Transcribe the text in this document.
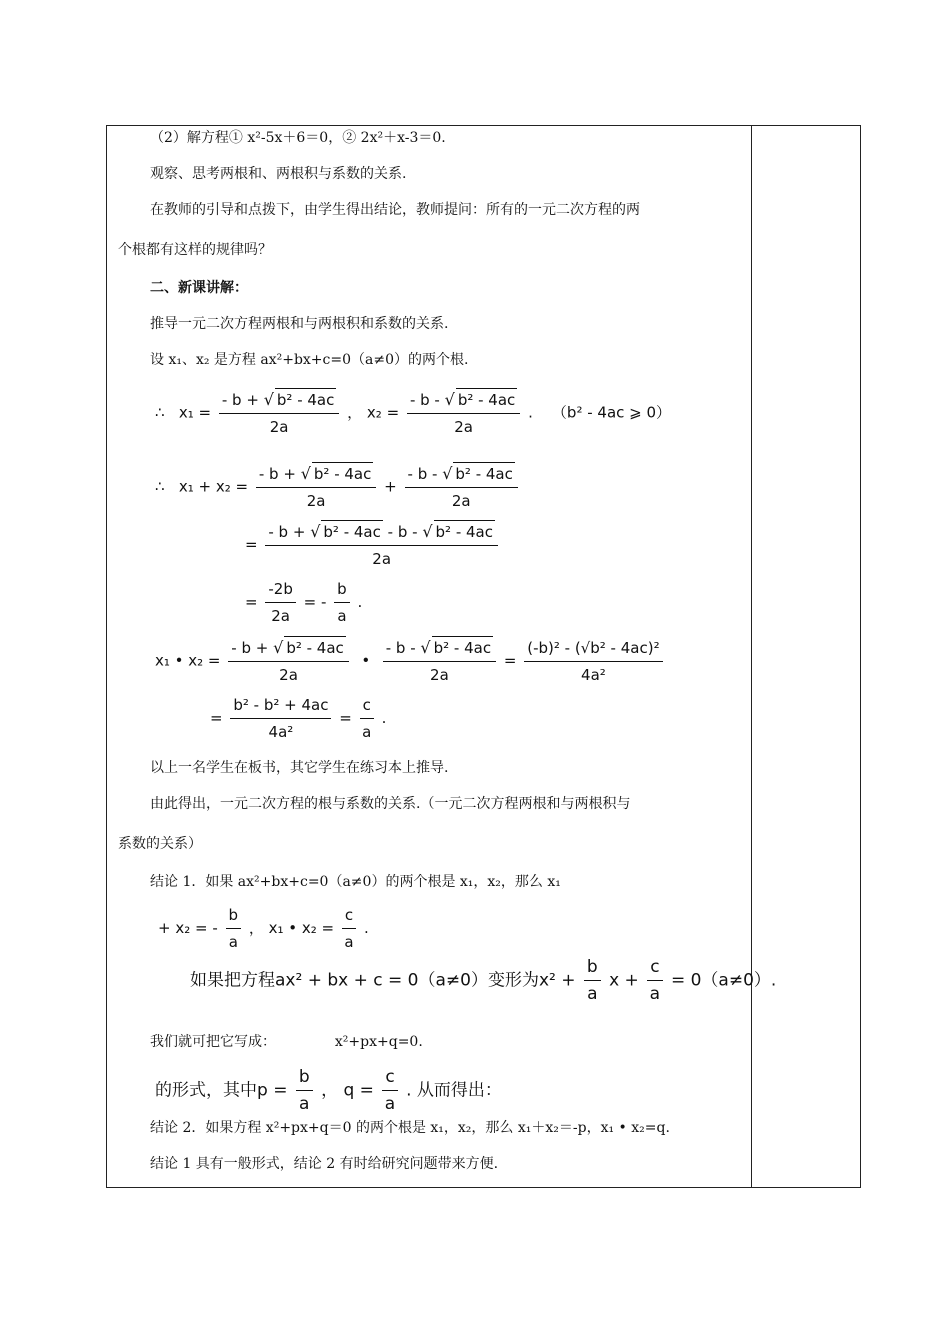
（2）解方程① x²-5x＋6＝0，② 2x²＋x-3＝0.
观察、思考两根和、两根积与系数的关系.
在教师的引导和点拨下，由学生得出结论，教师提问：所有的一元二次方程的两
个根都有这样的规律吗？
二、新课讲解：
推导一元二次方程两根和与两根积和系数的关系.
设 x₁、x₂ 是方程 ax²+bx+c=0（a≠0）的两个根.
∴ $x_1 = \frac{\text{- b + √ b² - 4ac}}{2a}$ ， $x_2 = \frac{\text{- b - √ b² - 4ac}}{2a}$ . （b² - 4ac ⩾ 0）
∴ $x_1 + x_2 = \frac{\text{- b + √ b² - 4ac}}{2a} + \frac{\text{- b - √ b² - 4ac}}{2a}$
= $\frac{\text{- b + √ b² - 4ac - b - √ b² - 4ac}}{2a}$
= $\frac{-2b}{2a}$ = - $\frac{b}{a}$ .
x₁ • $x_2 = \frac{\text{- b + √ b² - 4ac}}{2a}$ • $\frac{\text{- b - √ b² - 4ac}}{2a} = \frac{\text{(-b)² - (√b² - 4ac)²}}{\text{4a²}}$
= $\frac{\text{b² - b² + 4ac}}{\text{4a²}} = \frac{c}{a}$ .
以上一名学生在板书，其它学生在练习本上推导.
由此得出，一元二次方程的根与系数的关系.（一元二次方程两根和与两根积与
系数的关系）
结论 1．如果 ax²+bx+c=0（a≠0）的两个根是 x₁，x₂，那么 x₁
+ x₂ = - $\frac{b}{a}$ ， x₁ • $x_2 = \frac{c}{a}$ .
如果把方程ax² + bx + c = 0（a≠0）变形为$x^2 + \frac{b}{a}$ $x + \frac{c}{a} = 0(a\ne 0)$.
我们就可把它写成：	x²+px+q=0.
的形式，其中$p = \frac{b}{a}$ ， $q = \frac{c}{a}$ . 从而得出：
结论 2．如果方程 x²+px+q＝0 的两个根是 x₁，x₂，那么 x₁＋x₂＝-p，x₁ • x₂=q.
结论 1 具有一般形式，结论 2 有时给研究问题带来方便.
